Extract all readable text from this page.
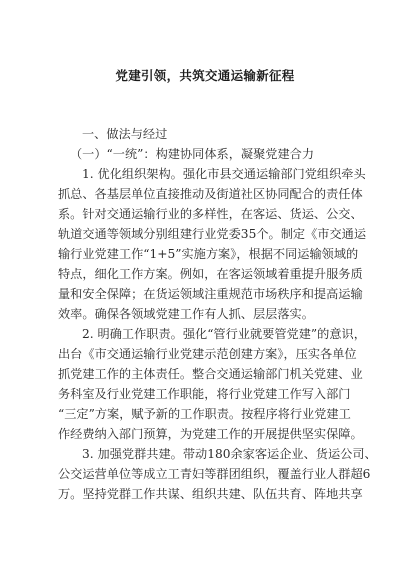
党建引领，共筑交通运输新征程
一、做法与经过
（一）“一统”：构建协同体系，凝聚党建合力
1. 优化组织架构。强化市县交通运输部门党组织牵头
抓总、各基层单位直接推动及街道社区协同配合的责任体
系。针对交通运输行业的多样性，在客运、货运、公交、
轨道交通等领域分别组建行业党委35个。制定《市交通运
输行业党建工作“1+5”实施方案》，根据不同运输领域的
特点，细化工作方案。例如，在客运领域着重提升服务质
量和安全保障；在货运领域注重规范市场秩序和提高运输
效率。确保各领域党建工作有人抓、层层落实。
2. 明确工作职责。强化“管行业就要管党建”的意识，
出台《市交通运输行业党建示范创建方案》，压实各单位
抓党建工作的主体责任。整合交通运输部门机关党建、业
务科室及行业党建工作职能，将行业党建工作写入部门
“三定”方案，赋予新的工作职责。按程序将行业党建工
作经费纳入部门预算，为党建工作的开展提供坚实保障。
3. 加强党群共建。带动180余家客运企业、货运公司、
公交运营单位等成立工青妇等群团组织，覆盖行业人群超6
万。坚持党群工作共谋、组织共建、队伍共育、阵地共享
